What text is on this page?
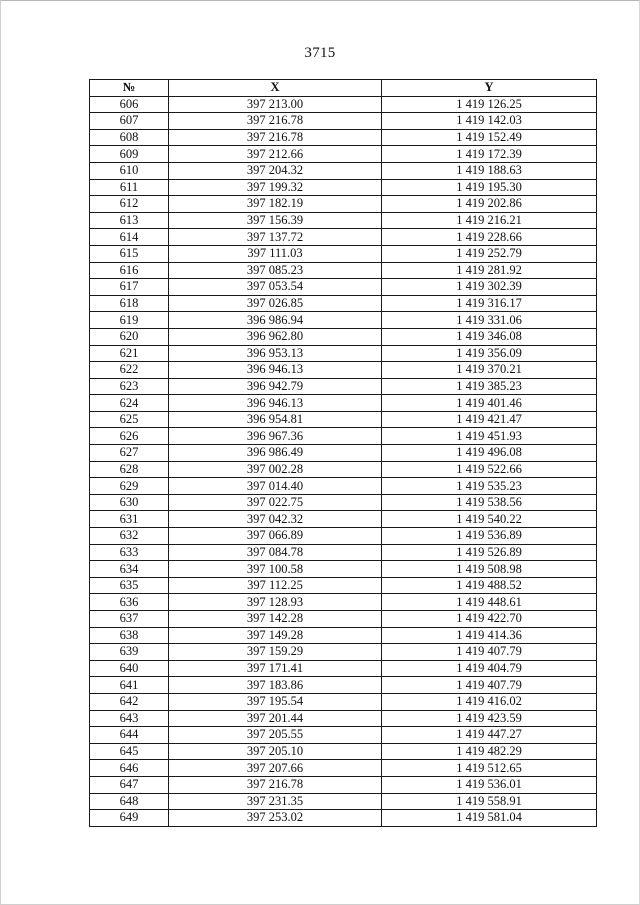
3715
№	X	Y
606	397 213.00	1 419 126.25
607	397 216.78	1 419 142.03
608	397 216.78	1 419 152.49
609	397 212.66	1 419 172.39
610	397 204.32	1 419 188.63
611	397 199.32	1 419 195.30
612	397 182.19	1 419 202.86
613	397 156.39	1 419 216.21
614	397 137.72	1 419 228.66
615	397 111.03	1 419 252.79
616	397 085.23	1 419 281.92
617	397 053.54	1 419 302.39
618	397 026.85	1 419 316.17
619	396 986.94	1 419 331.06
620	396 962.80	1 419 346.08
621	396 953.13	1 419 356.09
622	396 946.13	1 419 370.21
623	396 942.79	1 419 385.23
624	396 946.13	1 419 401.46
625	396 954.81	1 419 421.47
626	396 967.36	1 419 451.93
627	396 986.49	1 419 496.08
628	397 002.28	1 419 522.66
629	397 014.40	1 419 535.23
630	397 022.75	1 419 538.56
631	397 042.32	1 419 540.22
632	397 066.89	1 419 536.89
633	397 084.78	1 419 526.89
634	397 100.58	1 419 508.98
635	397 112.25	1 419 488.52
636	397 128.93	1 419 448.61
637	397 142.28	1 419 422.70
638	397 149.28	1 419 414.36
639	397 159.29	1 419 407.79
640	397 171.41	1 419 404.79
641	397 183.86	1 419 407.79
642	397 195.54	1 419 416.02
643	397 201.44	1 419 423.59
644	397 205.55	1 419 447.27
645	397 205.10	1 419 482.29
646	397 207.66	1 419 512.65
647	397 216.78	1 419 536.01
648	397 231.35	1 419 558.91
649	397 253.02	1 419 581.04
